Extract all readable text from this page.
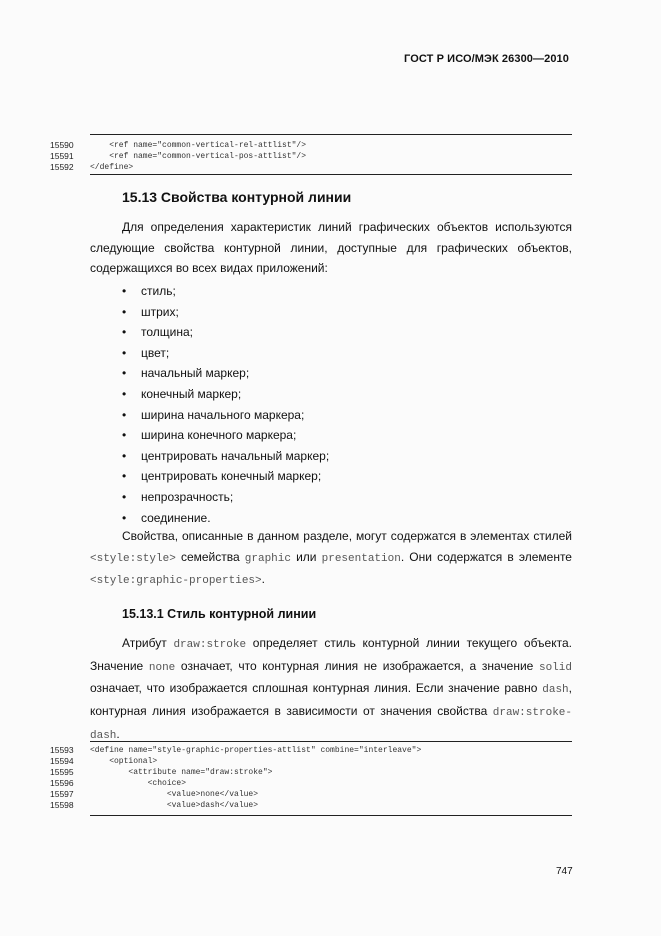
ГОСТ Р ИСО/МЭК 26300—2010
15590	<ref name="common-vertical-rel-attlist"/>
15591	<ref name="common-vertical-pos-attlist"/>
15592	</define>
15.13 Свойства контурной линии
Для определения характеристик линий графических объектов используются следующие свойства контурной линии, доступные для графических объектов, содержащихся во всех видах приложений:
• стиль;
• штрих;
• толщина;
• цвет;
• начальный маркер;
• конечный маркер;
• ширина начального маркера;
• ширина конечного маркера;
• центрировать начальный маркер;
• центрировать конечный маркер;
• непрозрачность;
• соединение.
Свойства, описанные в данном разделе, могут содержатся в элементах стилей <style:style> семейства graphic или presentation. Они содержатся в элементе <style:graphic-properties>.
15.13.1 Стиль контурной линии
Атрибут draw:stroke определяет стиль контурной линии текущего объекта. Значение none означает, что контурная линия не изображается, а значение solid означает, что изображается сплошная контурная линия. Если значение равно dash, контурная линия изображается в зависимости от значения свойства draw:stroke-dash.
15593	<define name="style-graphic-properties-attlist" combine="interleave">
15594	<optional>
15595	<attribute name="draw:stroke">
15596	<choice>
15597	<value>none</value>
15598	<value>dash</value>
747
